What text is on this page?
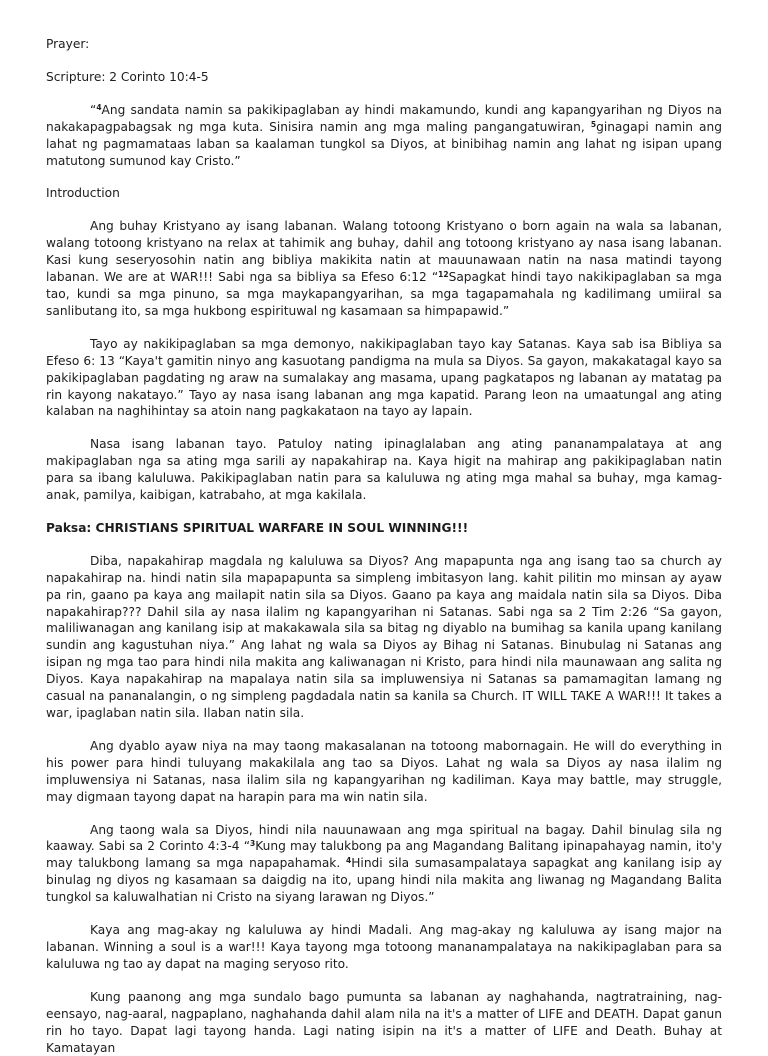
Prayer:

Scripture: 2 Corinto 10:4-5

“$^4$Ang sandata namin sa pakikipaglaban ay hindi makamundo, kundi ang kapangyarihan ng Diyos na nakakapagpabagsak ng mga kuta. Sinisira namin ang mga maling pangangatuwiran, $^5$ginagapi namin ang lahat ng pagmamataas laban sa kaalaman tungkol sa Diyos, at binibihag namin ang lahat ng isipan upang matutong sumunod kay Cristo.”

Introduction

Ang buhay Kristyano ay isang labanan. Walang totoong Kristyano o born again na wala sa labanan, walang totoong kristyano na relax at tahimik ang buhay, dahil ang totoong kristyano ay nasa isang labanan. Kasi kung seseryosohin natin ang bibliya makikita natin at mauunawaan natin na nasa matindi tayong labanan. We are at WAR!!! Sabi nga sa bibliya sa Efeso 6:12 “$^{12}$Sapagkat hindi tayo nakikipaglaban sa mga tao, kundi sa mga pinuno, sa mga maykapangyarihan, sa mga tagapamahala ng kadilimang umiiral sa sanlibutang ito, sa mga hukbong espirituwal ng kasamaan sa himpapawid.”

Tayo ay nakikipaglaban sa mga demonyo, nakikipaglaban tayo kay Satanas. Kaya sab isa Bibliya sa Efeso 6: 13 “Kaya't gamitin ninyo ang kasuotang pandigma na mula sa Diyos. Sa gayon, makakatagal kayo sa pakikipaglaban pagdating ng araw na sumalakay ang masama, upang pagkatapos ng labanan ay matatag pa rin kayong nakatayo.” Tayo ay nasa isang labanan ang mga kapatid. Parang leon na umaatungal ang ating kalaban na naghihintay sa atoin nang pagkakataon na tayo ay lapain.

Nasa isang labanan tayo. Patuloy nating ipinaglalaban ang ating pananampalataya at ang makipaglaban nga sa ating mga sarili ay napakahirap na. Kaya higit na mahirap ang pakikipaglaban natin para sa ibang kaluluwa. Pakikipaglaban natin para sa kaluluwa ng ating mga mahal sa buhay, mga kamag-anak, pamilya, kaibigan, katrabaho, at mga kakilala.

Paksa: CHRISTIANS SPIRITUAL WARFARE IN SOUL WINNING!!!

Diba, napakahirap magdala ng kaluluwa sa Diyos? Ang mapapunta nga ang isang tao sa church ay napakahirap na. hindi natin sila mapapapunta sa simpleng imbitasyon lang. kahit pilitin mo minsan ay ayaw pa rin, gaano pa kaya ang mailapit natin sila sa Diyos. Gaano pa kaya ang maidala natin sila sa Diyos. Diba napakahirap??? Dahil sila ay nasa ilalim ng kapangyarihan ni Satanas. Sabi nga sa 2 Tim 2:26 “Sa gayon, maliliwanagan ang kanilang isip at makakawala sila sa bitag ng diyablo na bumihag sa kanila upang kanilang sundin ang kagustuhan niya.” Ang lahat ng wala sa Diyos ay Bihag ni Satanas. Binubulag ni Satanas ang isipan ng mga tao para hindi nila makita ang kaliwanagan ni Kristo, para hindi nila maunawaan ang salita ng Diyos. Kaya napakahirap na mapalaya natin sila sa impluwensiya ni Satanas sa pamamagitan lamang ng casual na pananalangin, o ng simpleng pagdadala natin sa kanila sa Church. IT WILL TAKE A WAR!!! It takes a war, ipaglaban natin sila. Ilaban natin sila.

Ang dyablo ayaw niya na may taong makasalanan na totoong mabornagain. He will do everything in his power para hindi tuluyang makakilala ang tao sa Diyos. Lahat ng wala sa Diyos ay nasa ilalim ng impluwensiya ni Satanas, nasa ilalim sila ng kapangyarihan ng kadiliman. Kaya may battle, may struggle, may digmaan tayong dapat na harapin para ma win natin sila.

Ang taong wala sa Diyos, hindi nila nauunawaan ang mga spiritual na bagay. Dahil binulag sila ng kaaway. Sabi sa 2 Corinto 4:3-4 “$^3$Kung may talukbong pa ang Magandang Balitang ipinapahayag namin, ito'y may talukbong lamang sa mga napapahamak. $^4$Hindi sila sumasampalataya sapagkat ang kanilang isip ay binulag ng diyos ng kasamaan sa daigdig na ito, upang hindi nila makita ang liwanag ng Magandang Balita tungkol sa kaluwalhatian ni Cristo na siyang larawan ng Diyos.”

Kaya ang mag-akay ng kaluluwa ay hindi Madali. Ang mag-akay ng kaluluwa ay isang major na labanan. Winning a soul is a war!!! Kaya tayong mga totoong mananampalataya na nakikipaglaban para sa kaluluwa ng tao ay dapat na maging seryoso rito.

Kung paanong ang mga sundalo bago pumunta sa labanan ay naghahanda, nagtratraining, nag-eensayo, nag-aaral, nagpaplano, naghahanda dahil alam nila na it's a matter of LIFE and DEATH. Dapat ganun rin ho tayo. Dapat lagi tayong handa. Lagi nating isipin na it's a matter of LIFE and Death. Buhay at Kamatayan
